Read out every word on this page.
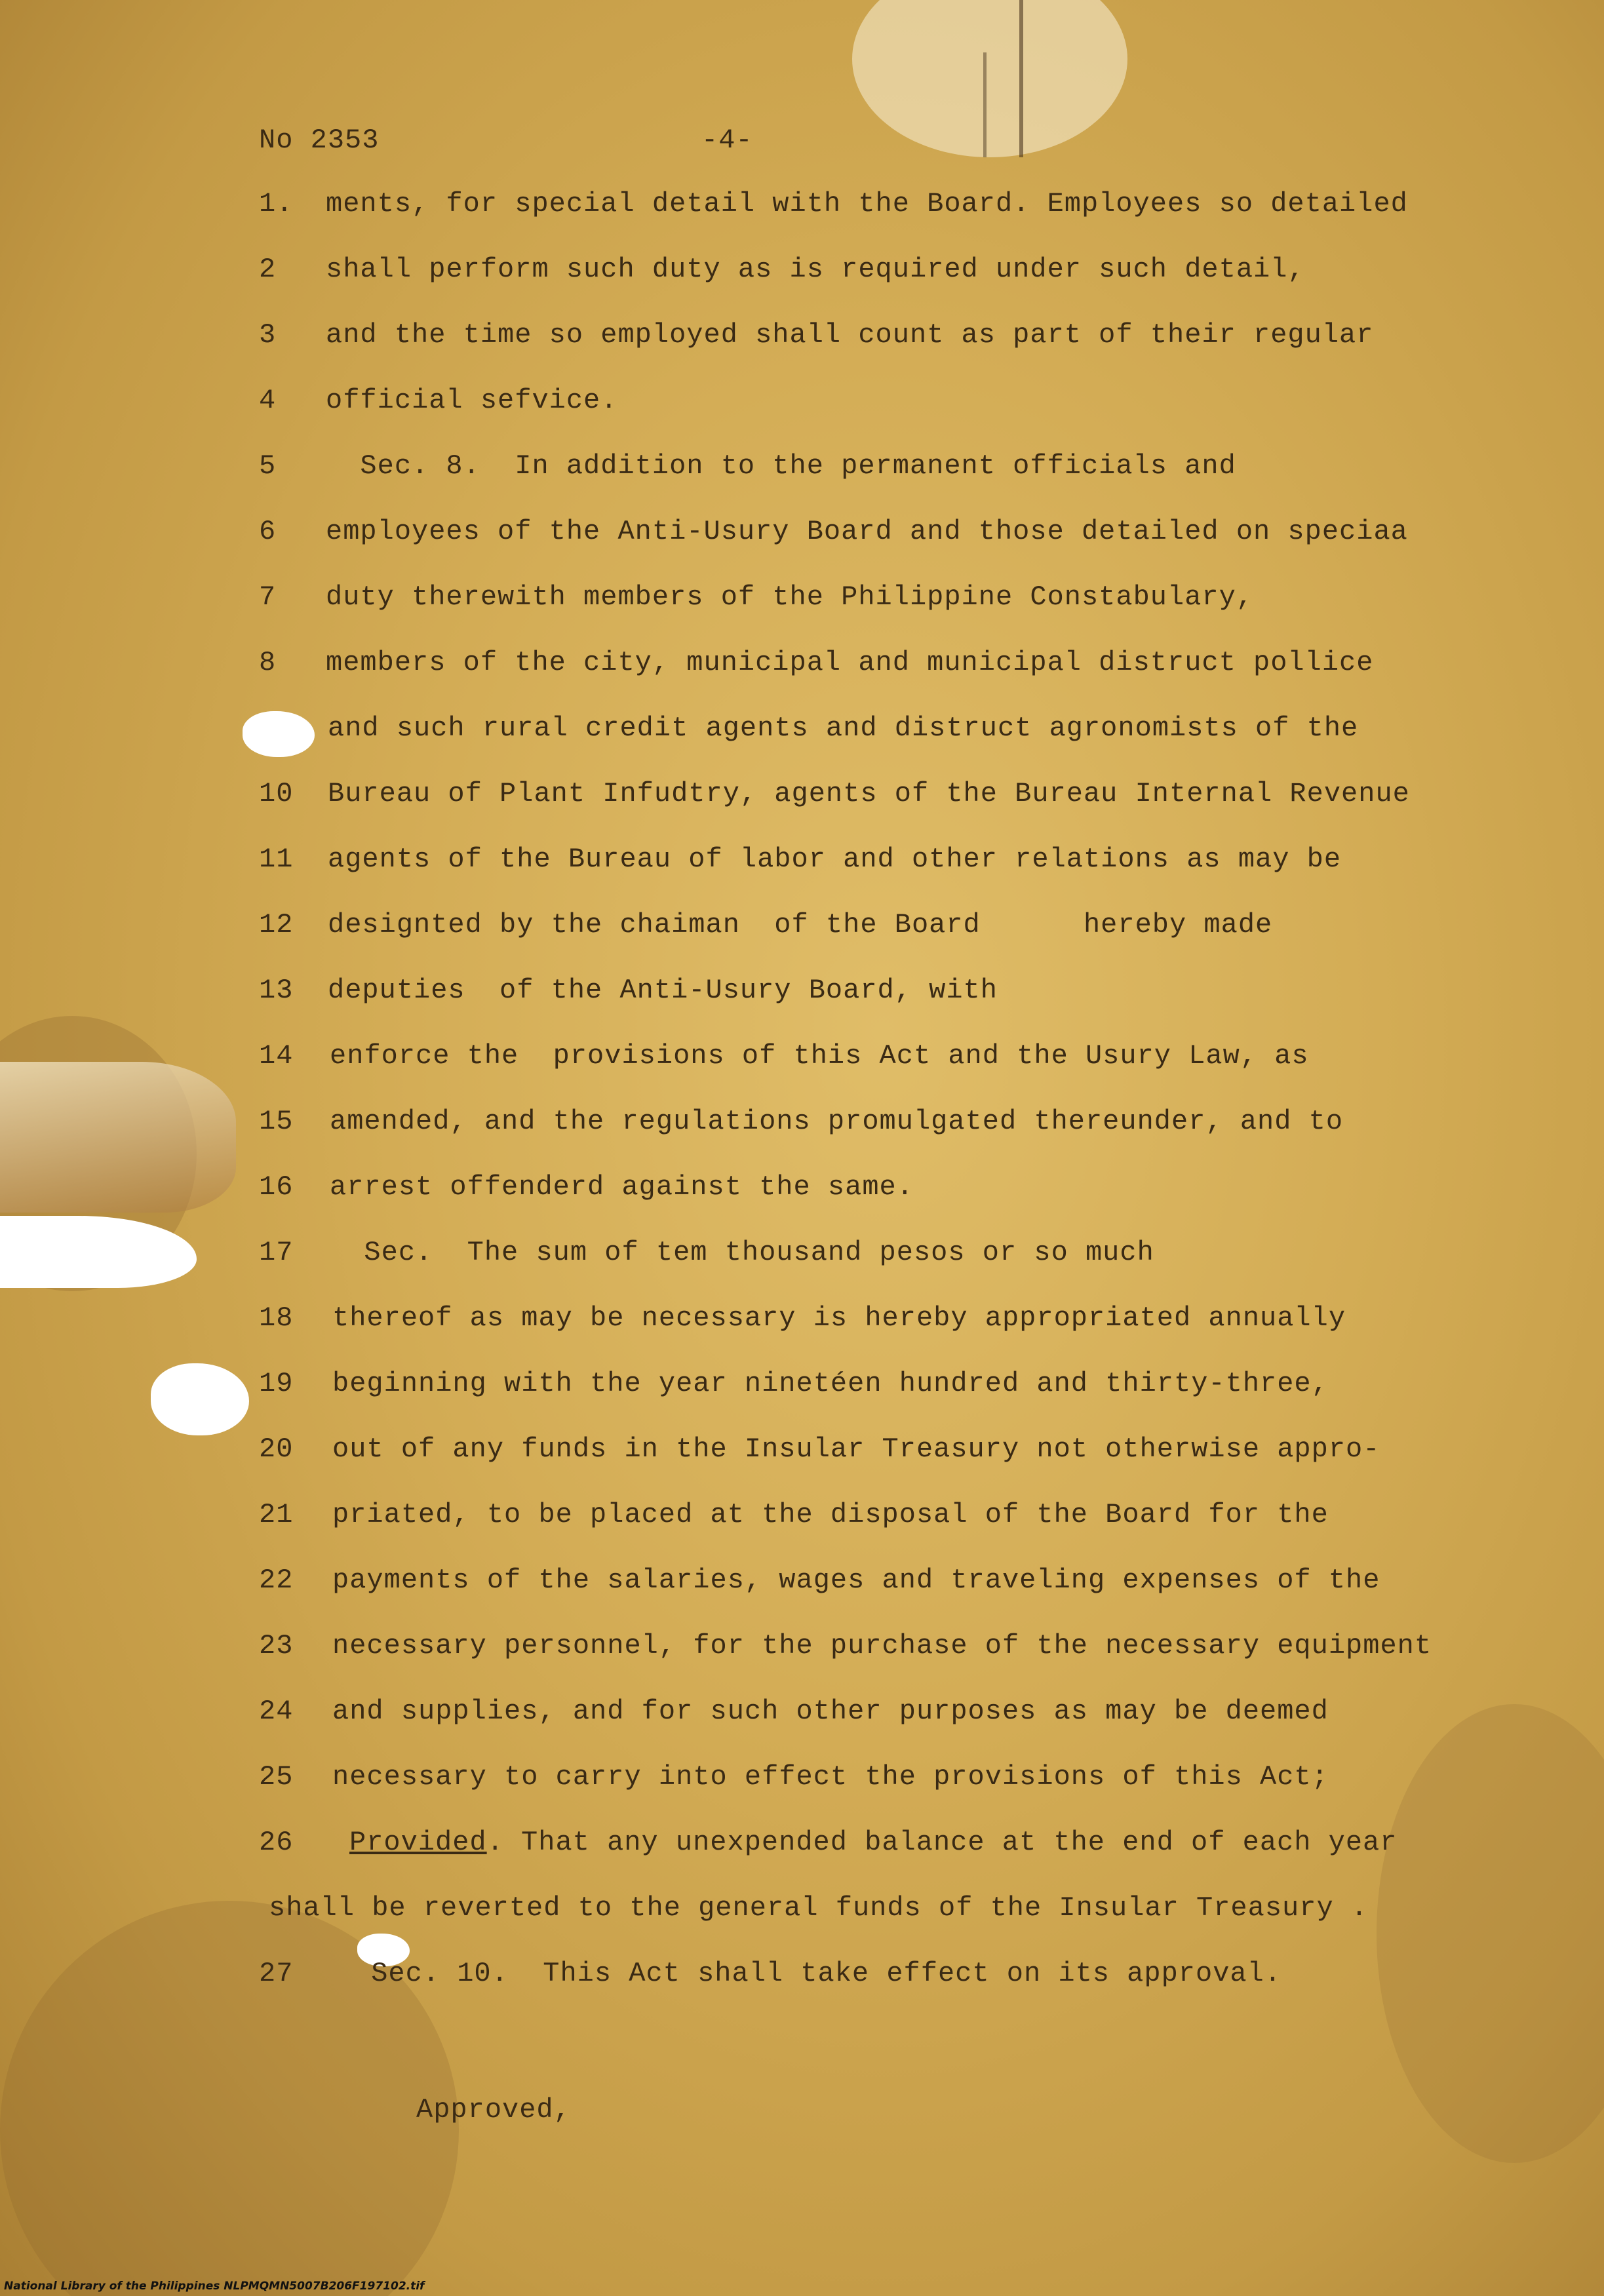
No 2353	-4-
1. ments, for special detail with the Board. Employees so detailed
2 shall perform such duty as is required under such detail,
3 and the time so employed shall count as part of their regular
4 official sefvice.
5 Sec. 8.  In addition to the permanent officials and
6 employees of the Anti-Usury Board and those detailed on speciaa
7 duty therewith members of the Philippine Constabulary,
8 members of the city, municipal and municipal distruct pollice
and such rural credit agents and distruct agronomists of the
10 Bureau of Plant Infudtry, agents of the Bureau Internal Revenue
11 agents of the Bureau of labor and other relations as may be
12 designted by the chaiman  of the Board      hereby made
13 deputies  of the Anti-Usury Board, with
14 enforce the  provisions of this Act and the Usury Law, as
15 amended, and the regulations promulgated thereunder, and to
16 arrest offenderd against the same.
17 Sec.  The sum of tem thousand pesos or so much
18 thereof as may be necessary is hereby appropriated annually
19 beginning with the year ninetéen hundred and thirty-three,
20 out of any funds in the Insular Treasury not otherwise appro-
21 priated, to be placed at the disposal of the Board for the
22 payments of the salaries, wages and traveling expenses of the
23 necessary personnel, for the purchase of the necessary equipment
24 and supplies, and for such other purposes as may be deemed
25 necessary to carry into effect the provisions of this Act;
26 Provided. That any unexpended balance at the end of each year
shall be reverted to the general funds of the Insular Treasury .
27 Sec. 10.  This Act shall take effect on its approval.
Approved,
National Library of the Philippines NLPMQMN5007B206F197102.tif
